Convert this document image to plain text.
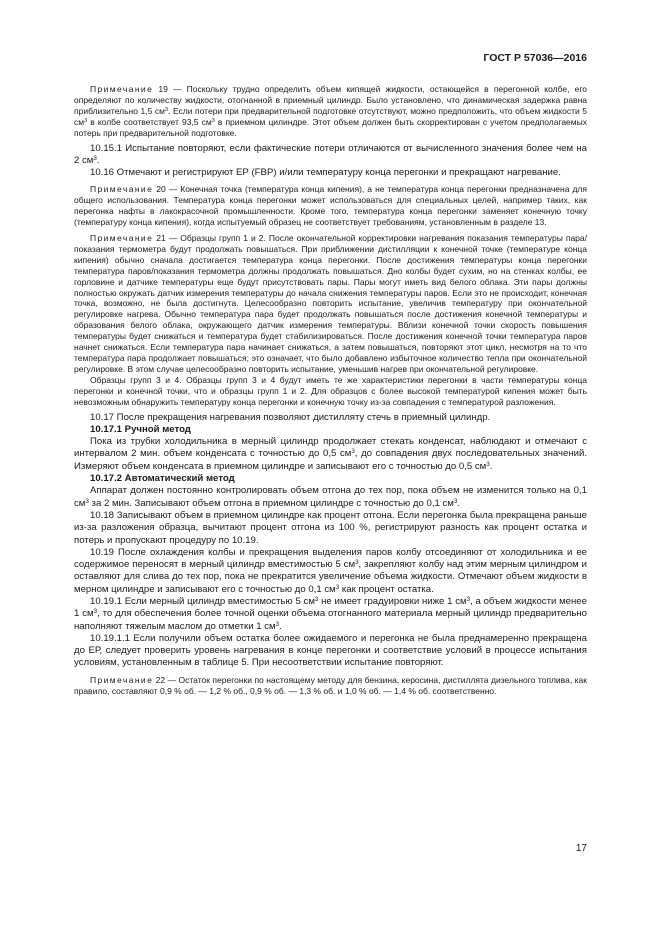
ГОСТ Р 57036—2016

Примечание 19 — Поскольку трудно определить объем кипящей жидкости, остающейся в перегонной колбе, его определяют по количеству жидкости, отогнанной в приемный цилиндр. Было установлено, что динамическая задержка равна приблизительно 1,5 $см^3$. Если потери при предварительной подготовке отсутствуют, можно предположить, что объем жидкости 5 $см^3$ в колбе соответствует 93,5 $см^3$ в приемном цилиндре. Этот объем должен быть скорректирован с учетом предполагаемых потерь при предварительной подготовке.

10.15.1 Испытание повторяют, если фактические потери отличаются от вычисленного значения более чем на 2 $см^3$.

10.16 Отмечают и регистрируют ЕР (FBP) и/или температуру конца перегонки и прекращают нагревание.

Примечание 20 — Конечная точка (температура конца кипения), а не температура конца перегонки предназначена для общего использования. Температура конца перегонки может использоваться для специальных целей, например таких, как перегонка нафты в лакокрасочной промышленности. Кроме того, температура конца перегонки заменяет конечную точку (температуру конца кипения), когда испытуемый образец не соответствует требованиям, установленным в разделе 13.

Примечание 21 — Образцы групп 1 и 2. После окончательной корректировки нагревания показания температуры пара/показания термометра будут продолжать повышаться. При приближении дистилляции к конечной точке (температуре конца кипения) обычно сначала достигается температура конца перегонки. После достижения температуры конца перегонки температура паров/показания термометра должны продолжать повышаться. Дно колбы будет сухим, но на стенках колбы, ее горловине и датчике температуры еще будут присутствовать пары. Пары могут иметь вид белого облака. Эти пары должны полностью окружать датчик измерения температуры до начала снижения температуры паров. Если это не происходит, конечная точка, возможно, не была достигнута. Целесообразно повторить испытание, увеличив температуру при окончательной регулировке нагрева. Обычно температура пара будет продолжать повышаться после достижения конечной температуры и образования белого облака, окружающего датчик измерения температуры. Вблизи конечной точки скорость повышения температуры будет снижаться и температура будет стабилизироваться. После достижения конечной точки температура паров начнет снижаться. Если температура пара начинает снижаться, а затем повышаться, повторяют этот цикл, несмотря на то что температура пара продолжает повышаться; это означает, что было добавлено избыточное количество тепла при окончательной регулировке. В этом случае целесообразно повторить испытание, уменьшив нагрев при окончательной регулировке.

Образцы групп 3 и 4. Образцы групп 3 и 4 будут иметь те же характеристики перегонки в части температуры конца перегонки и конечной точки, что и образцы групп 1 и 2. Для образцов с более высокой температурой кипения может быть невозможным обнаружить температуру конца перегонки и конечную точку из-за совпадения с температурой разложения.

10.17 После прекращения нагревания позволяют дистилляту стечь в приемный цилиндр.

10.17.1 Ручной метод

Пока из трубки холодильника в мерный цилиндр продолжает стекать конденсат, наблюдают и отмечают с интервалом 2 мин. объем конденсата с точностью до 0,5 $см^3$, до совпадения двух последовательных значений. Измеряют объем конденсата в приемном цилиндре и записывают его с точностью до 0,5 $см^3$.

10.17.2 Автоматический метод

Аппарат должен постоянно контролировать объем отгона до тех пор, пока объем не изменится только на 0,1 $см^3$ за 2 мин. Записывают объем отгона в приемном цилиндре с точностью до 0,1 $см^3$.

10.18 Записывают объем в приемном цилиндре как процент отгона. Если перегонка была прекращена раньше из-за разложения образца, вычитают процент отгона из 100 %, регистрируют разность как процент остатка и потерь и пропускают процедуру по 10.19.

10.19 После охлаждения колбы и прекращения выделения паров колбу отсоединяют от холодильника и ее содержимое переносят в мерный цилиндр вместимостью 5 $см^3$, закрепляют колбу над этим мерным цилиндром и оставляют для слива до тех пор, пока не прекратится увеличение объема жидкости. Отмечают объем жидкости в мерном цилиндре и записывают его с точностью до 0,1 $см^3$ как процент остатка.

10.19.1 Если мерный цилиндр вместимостью 5 $см^3$ не имеет градуировки ниже 1 $см^3$, а объем жидкости менее 1 $см^3$, то для обеспечения более точной оценки объема отогнанного материала мерный цилиндр предварительно наполняют тяжелым маслом до отметки 1 $см^3$.

10.19.1.1 Если получили объем остатка более ожидаемого и перегонка не была преднамеренно прекращена до ЕР, следует проверить уровень нагревания в конце перегонки и соответствие условий в процессе испытания условиям, установленным в таблице 5. При несоответствии испытание повторяют.

Примечание 22 — Остаток перегонки по настоящему методу для бензина, керосина, дистиллята дизельного топлива, как правило, составляют 0,9 % об. — 1,2 % об., 0,9 % об. — 1,3 % об. и 1,0 % об. — 1,4 % об. соответственно.

17
